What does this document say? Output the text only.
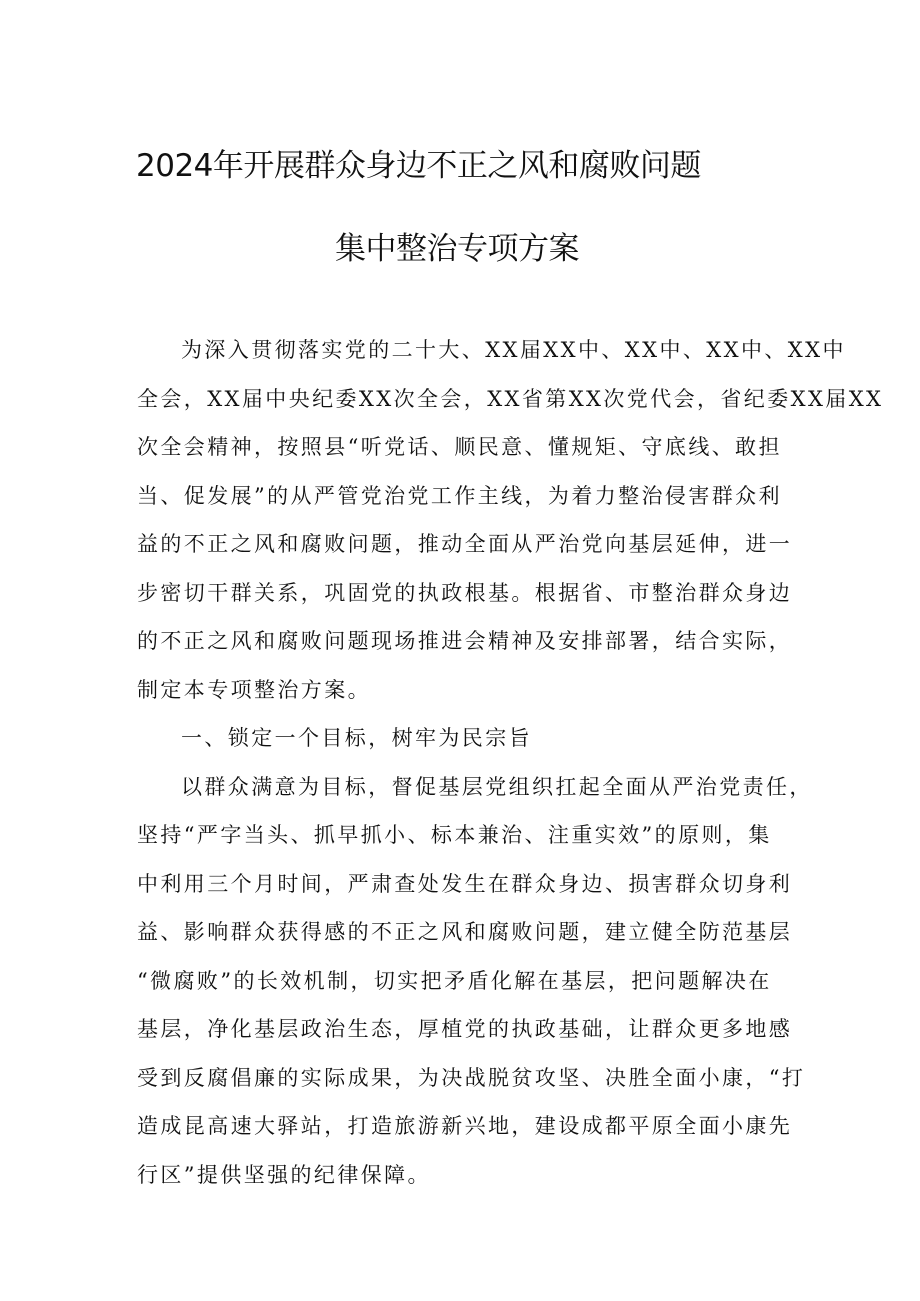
2024年开展群众身边不正之风和腐败问题
集中整治专项方案
为深入贯彻落实党的二十大、XX届XX中、XX中、XX中、XX中
全会，XX届中央纪委XX次全会，XX省第XX次党代会，省纪委XX届XX
次全会精神，按照县“听党话、顺民意、懂规矩、守底线、敢担
当、促发展”的从严管党治党工作主线，为着力整治侵害群众利
益的不正之风和腐败问题，推动全面从严治党向基层延伸，进一
步密切干群关系，巩固党的执政根基。根据省、市整治群众身边
的不正之风和腐败问题现场推进会精神及安排部署，结合实际，
制定本专项整治方案。
一、锁定一个目标，树牢为民宗旨
以群众满意为目标，督促基层党组织扛起全面从严治党责任，
坚持“严字当头、抓早抓小、标本兼治、注重实效”的原则，集
中利用三个月时间，严肃查处发生在群众身边、损害群众切身利
益、影响群众获得感的不正之风和腐败问题，建立健全防范基层
“微腐败”的长效机制，切实把矛盾化解在基层，把问题解决在
基层，净化基层政治生态，厚植党的执政基础，让群众更多地感
受到反腐倡廉的实际成果，为决战脱贫攻坚、决胜全面小康，“打
造成昆高速大驿站，打造旅游新兴地，建设成都平原全面小康先
行区”提供坚强的纪律保障。
